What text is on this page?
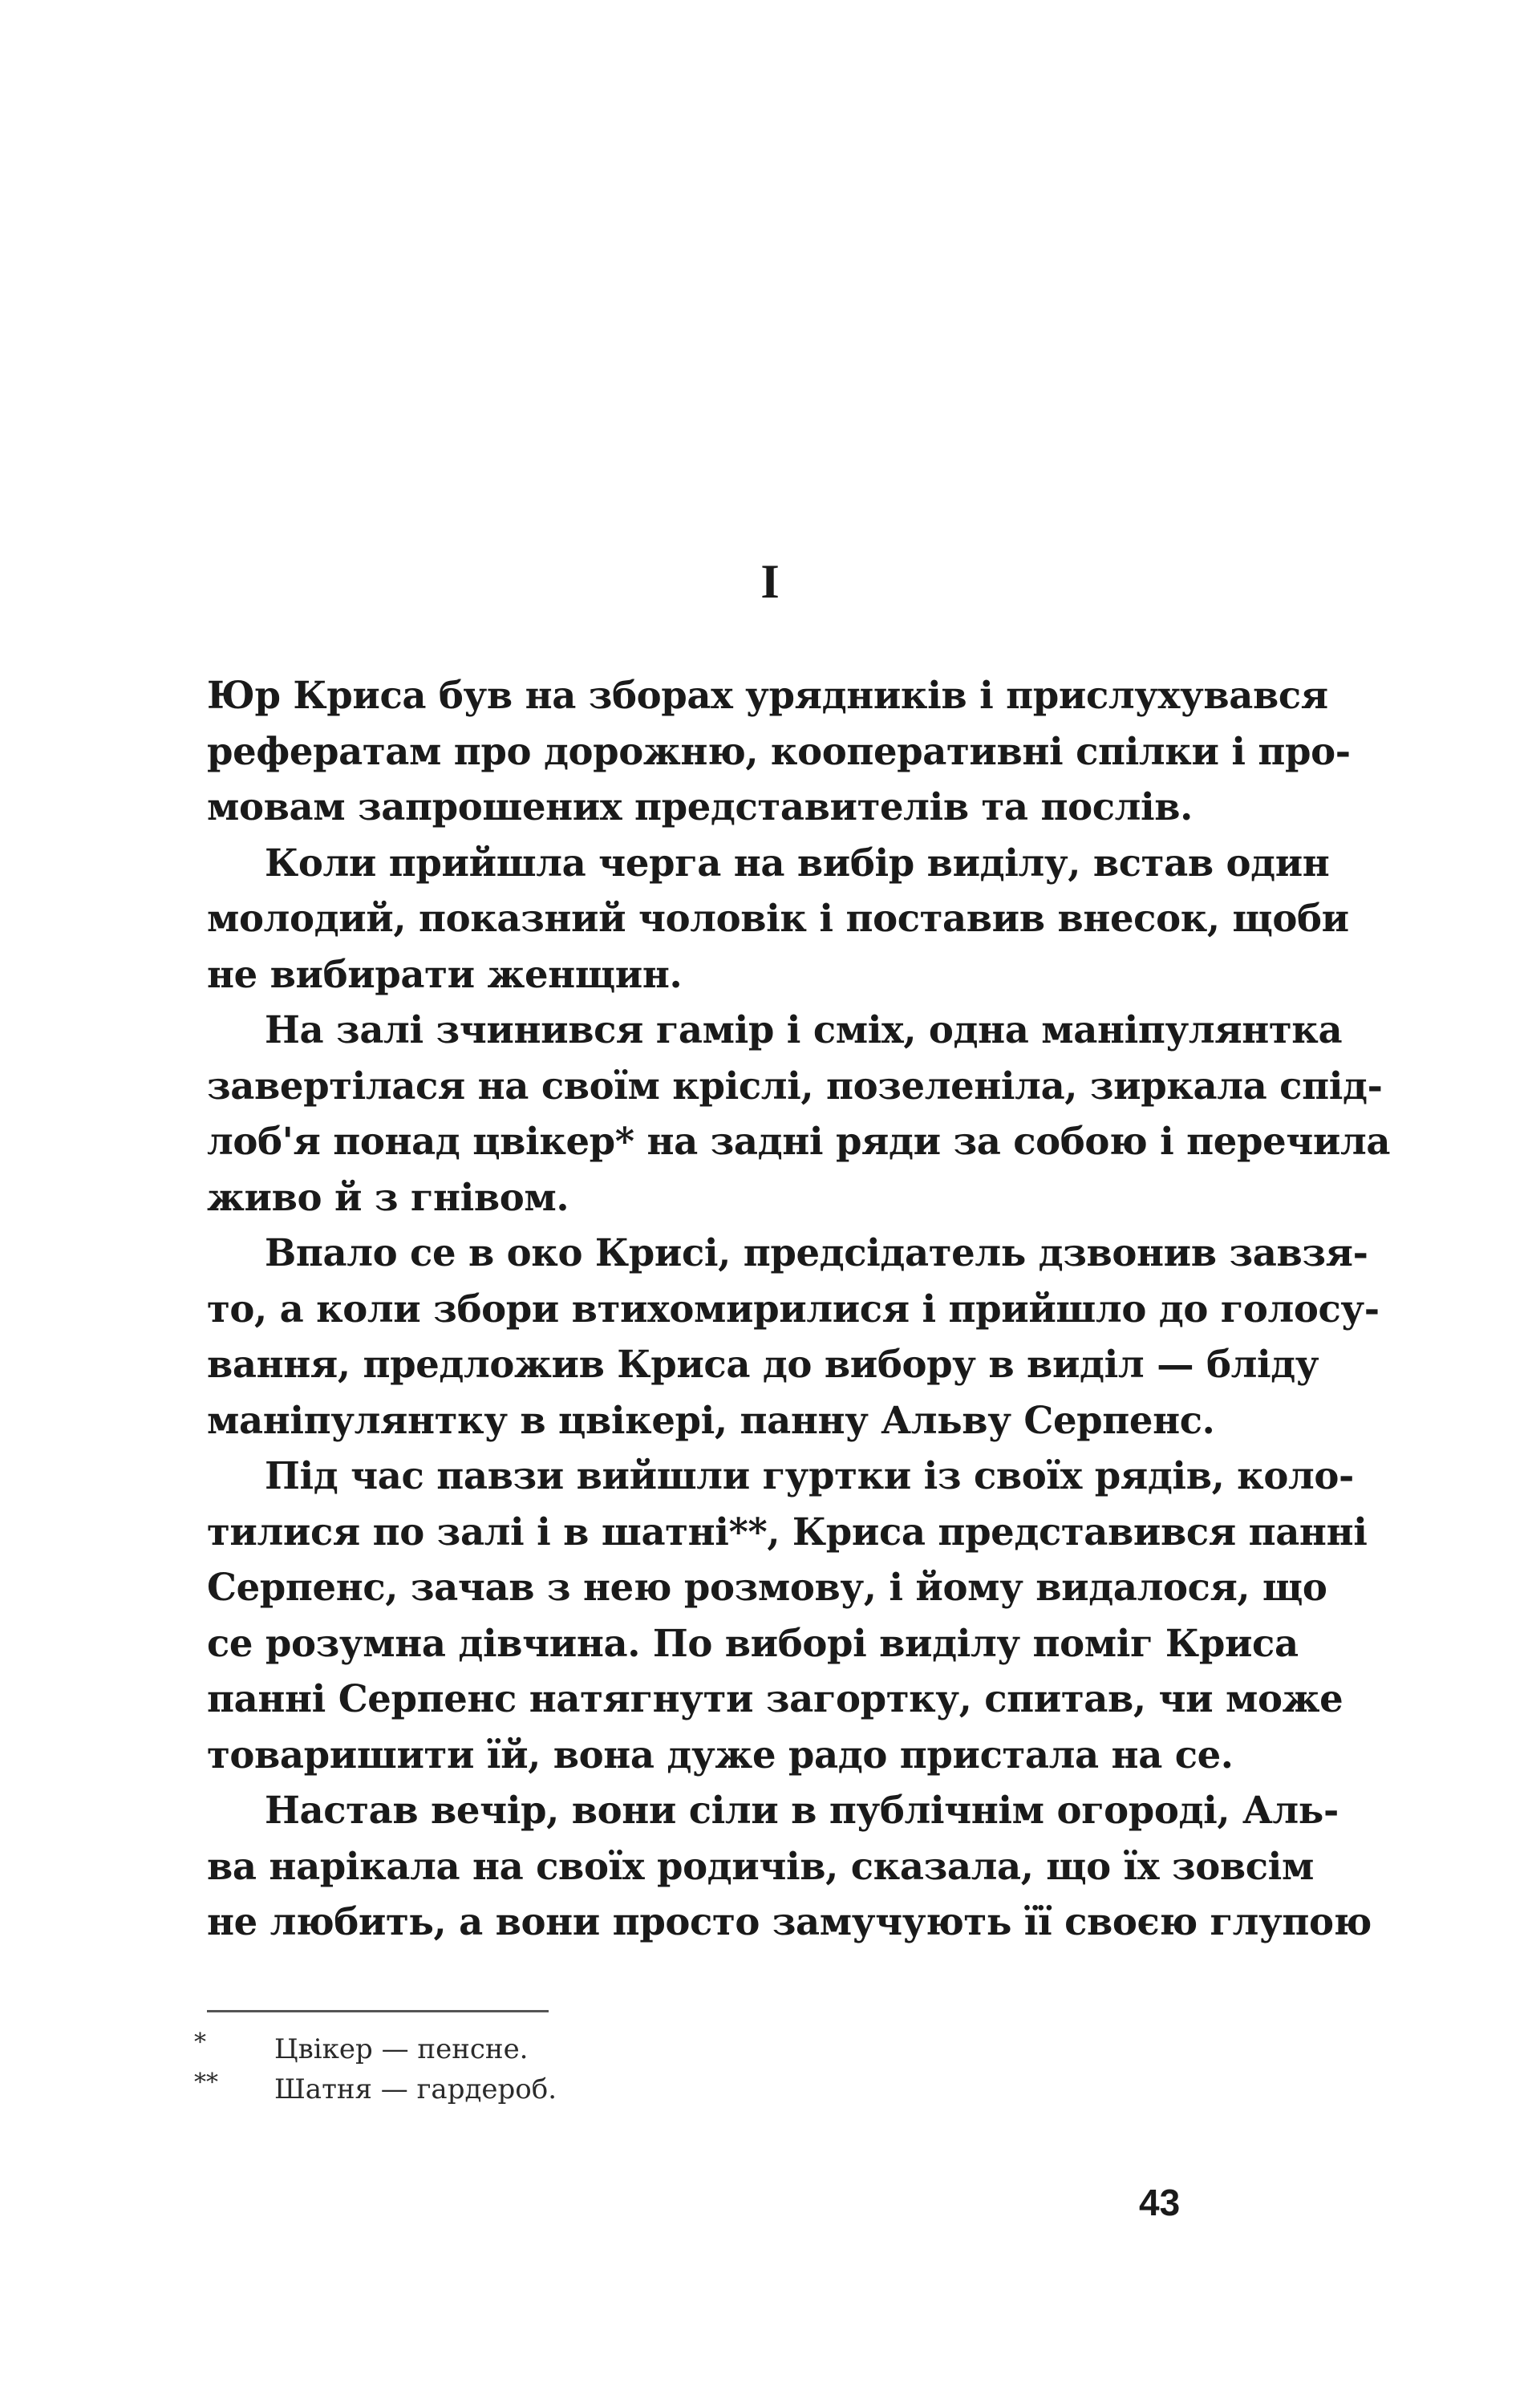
I

Юр Криса був на зборах урядників і прислухувався

рефератам про дорожню, кооперативні спілки і про-

мовам запрошених представителів та послів.

Коли прийшла черга на вибір виділу, встав один

молодий, показний чоловік і поставив внесок, щоби

не вибирати женщин.

На залі зчинився гамір і сміх, одна маніпулянтка

завертілася на своїм кріслі, позеленіла, зиркала спід-

лоб'я понад цвікер* на задні ряди за собою і перечила

живо й з гнівом.

Впало се в око Крисі, предсідатель дзвонив завзя-

то, а коли збори втихомирилися і прийшло до голосу-

вання, предложив Криса до вибору в виділ — бліду

маніпулянтку в цвікері, панну Альву Серпенс.

Під час павзи вийшли гуртки із своїх рядів, коло-

тилися по залі і в шатні**, Криса представився панні

Серпенс, зачав з нею розмову, і йому видалося, що

се розумна дівчина. По виборі виділу поміг Криса

панні Серпенс натягнути загортку, спитав, чи може

товаришити їй, вона дуже радо пристала на се.

Настав вечір, вони сіли в публічнім огороді, Аль-

ва нарікала на своїх родичів, сказала, що їх зовсім

не любить, а вони просто замучують її своєю глупою

*	Цвікер — пенсне.
** Шатня — гардероб.
43
